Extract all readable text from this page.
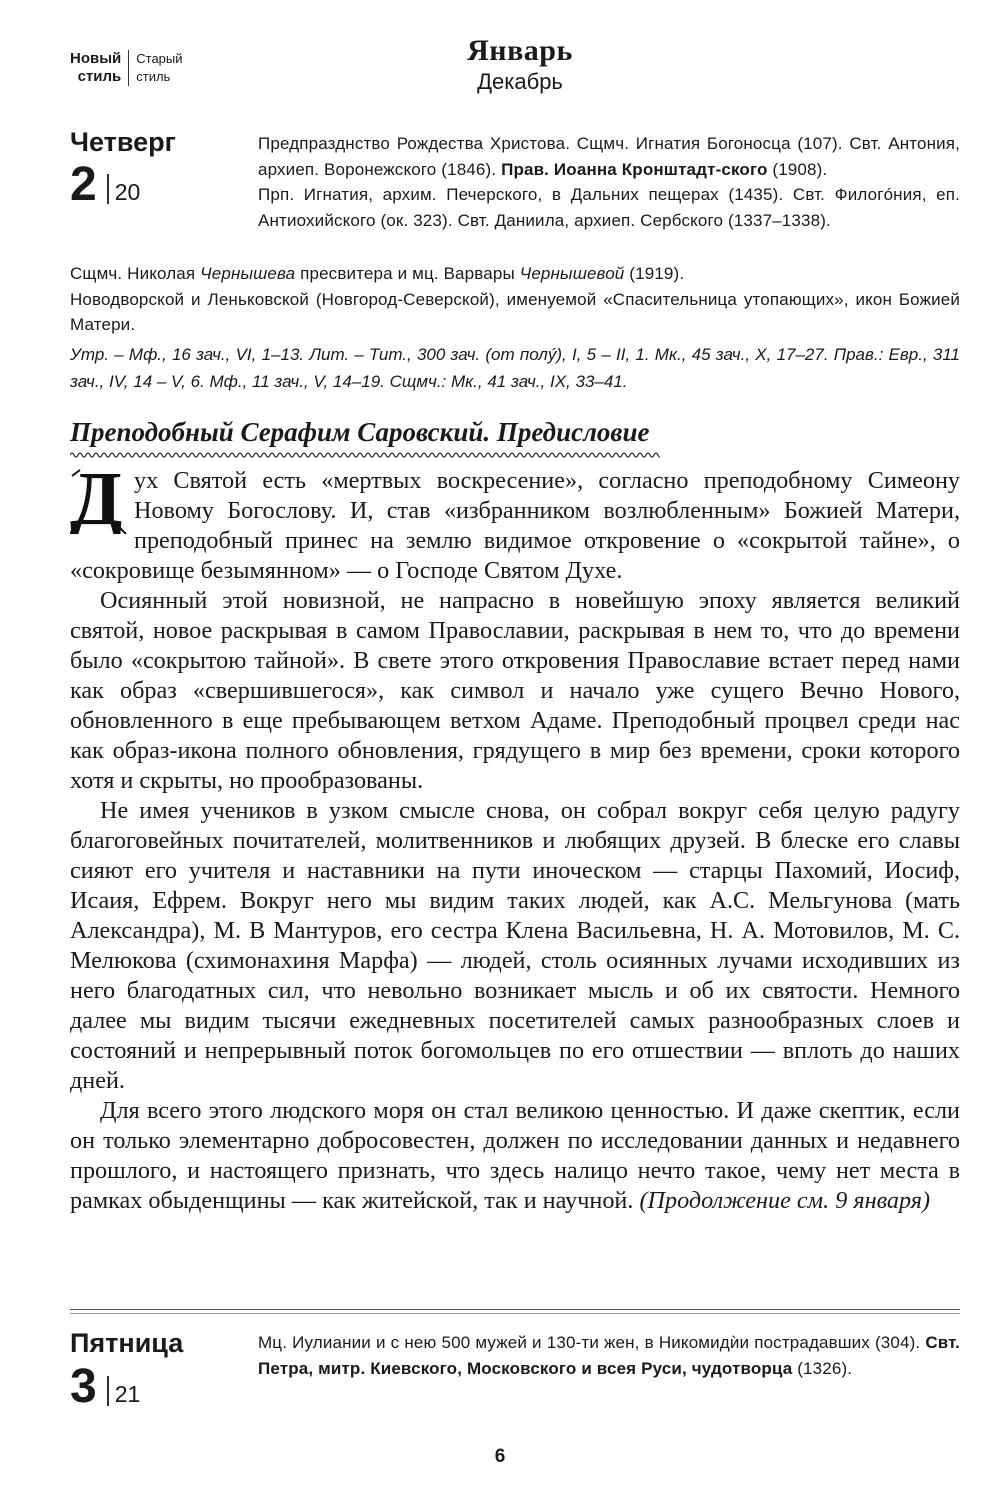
Новый
стиль
Старый
стиль
Январь
Декабрь
Четверг
2 20

Предпразднство Рождества Христова. Сщмч. Игнатия Богоносца (107). Свт. Антония, архиеп. Воронежского (1846). Прав. Иоанна Кронштадт-ского (1908).

Прп. Игнатия, архим. Печерского, в Дальних пещерах (1435). Свт. Филогóния, еп. Антиохийского (ок. 323). Свт. Даниила, архиеп. Сербского (1337–1338).

Сщмч. Николая Чернышева пресвитера и мц. Варвары Чернышевой (1919).

Новодворской и Леньковской (Новгород-Северской), именуемой «Спасительница утопающих», икон Божией Матери.

Утр. – Мф., 16 зач., VI, 1–13. Лит. – Тит., 300 зач. (от полý), I, 5 – II, 1. Мк., 45 зач., X, 17–27. Прав.: Евр., 311 зач., IV, 14 – V, 6. Мф., 11 зач., V, 14–19. Сщмч.: Мк., 41 зач., IX, 33–41.

Преподобный Серафим Саровский. Предисловие

Д ух Святой есть «мертвых воскресение», согласно преподобному Симеону Новому Богослову. И, став «избранником возлюбленным» Божией Матери, преподобный принес на землю видимое откровение о «сокрытой тайне», о «сокровище безымянном» — о Господе Святом Духе.

Осиянный этой новизной, не напрасно в новейшую эпоху является великий святой, новое раскрывая в самом Православии, раскрывая в нем то, что до времени было «сокрытою тайной». В свете этого откровения Православие встает перед нами как образ «свершившегося», как символ и начало уже сущего Вечно Нового, обновленного в еще пребывающем ветхом Адаме. Преподобный процвел среди нас как образ-икона полного обновления, грядущего в мир без времени, сроки которого хотя и скрыты, но прообразованы.

Не имея учеников в узком смысле снова, он собрал вокруг себя целую радугу благоговейных почитателей, молитвенников и любящих друзей. В блеске его славы сияют его учителя и наставники на пути иноческом — старцы Пахомий, Иосиф, Исаия, Ефрем. Вокруг него мы видим таких людей, как А.С. Мельгунова (мать Александра), М. В Мантуров, его сестра Клена Васильевна, Н. А. Мотовилов, М. С. Мелюкова (схимонахиня Марфа) — людей, столь осиянных лучами исходивших из него благодатных сил, что невольно возникает мысль и об их святости. Немного далее мы видим тысячи ежедневных посетителей самых разнообразных слоев и состояний и непрерывный поток богомольцев по его отшествии — вплоть до наших дней.

Для всего этого людского моря он стал великою ценностью. И даже скептик, если он только элементарно добросовестен, должен по исследовании данных и недавнего прошлого, и настоящего признать, что здесь налицо нечто такое, чему нет места в рамках обыденщины — как житейской, так и научной. (Продолжение см. 9 января)

Пятница
3 21

Мц. Иулиании и с нею 500 мужей и 130-ти жен, в Никомидѝи пострадавших (304). Свт. Петра, митр. Киевского, Московского и всея Руси, чудотворца (1326).

6
